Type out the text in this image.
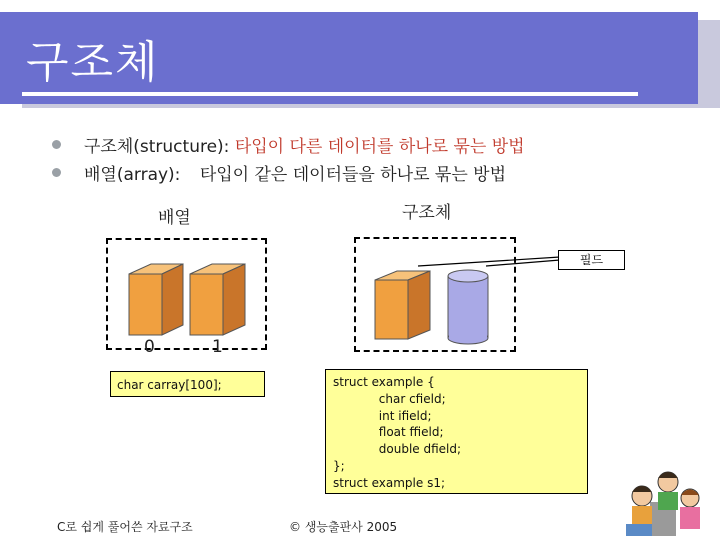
구조체
구조체(structure): 타입이 다른 데이터를 하나로 묶는 방법
배열(array): 타입이 같은 데이터들을 하나로 묶는 방법
배열	구조체
필드
0	1
char carray[100];	struct example {
char cfield;
int ifield;
float ffield;
double dfield;
};
struct example s1;
C로 쉽게 풀어쓴 자료구조	© 생능출판사 2005
